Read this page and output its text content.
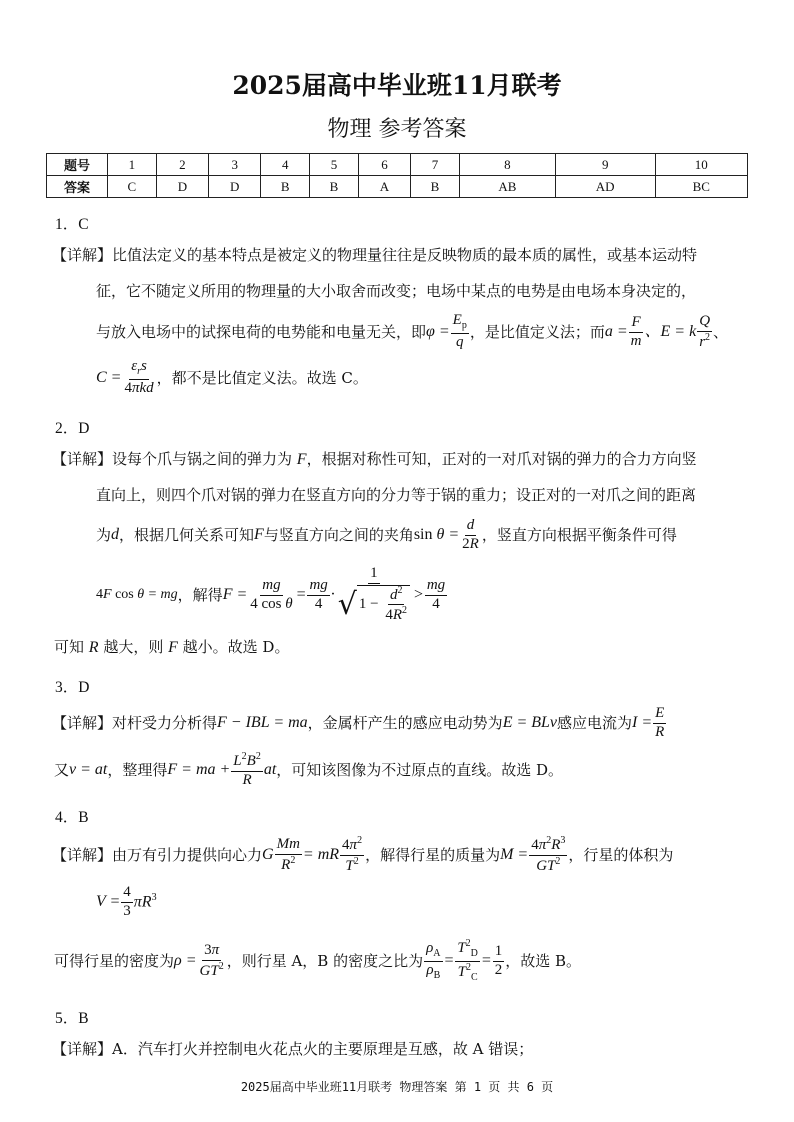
2025届高中毕业班11月联考
物理 参考答案
题号	1	2	3	4	5	6	7	8	9	10
答案	C	D	D	B	B	A	B	AB	AD	BC
1．C
【详解】比值法定义的基本特点是被定义的物理量往往是反映物质的最本质的属性，或基本运动特
征，它不随定义所用的物理量的大小取舍而改变；电场中某点的电势是由电场本身决定的，
与放入电场中的试探电荷的电势能和电量无关，即 $\varphi = \frac{E_p}{q}$ ，是比值定义法；而 $a = \frac{F}{m}$ 、E = k $\frac{Q}{r^2}$ 、
$C = \frac{\varepsilon_rs}{\text{4πkd}}$ ，都不是比值定义法。故选 C。
2．D
【详解】设每个爪与锅之间的弹力为 F，根据对称性可知，正对的一对爪对锅的弹力的合力方向竖
直向上，则四个爪对锅的弹力在竖直方向的分力等于锅的重力；设正对的一对爪之间的距离
为 d ，根据几何关系可知 F 与竖直方向之间的夹角 $\sin \theta = \frac{d}{2R}$ ，竖直方向根据平衡条件可得
4F cos θ = mg ，解得 $F = \frac{mg}{\text{4 cos θ}} = \frac{mg}{4} \cdot 1$
√ 1 −
$\frac{d^2}{4R^2} > \frac{mg}{4}$
可知 R 越大，则 F 越小。故选 D。
3．D
【详解】 对杆受力分析得 F − IBL = ma ，金属杆产生的感应电动势为 E = BLv 感应电流为 $I = \frac{E}{R}$
又 v = at ，整理得 F = ma + $\frac{L^2B^2}{R}$ at ，可知该图像为不过原点的直线。故选 D。
4．B
【详解】 由万有引力提供向心力 G $\frac{Mm}{R^2}$ = mR $\frac{4\pi^2}{T^2}$ ，解得行星的质量为 $M = \frac{4\pi^2R^3}{GT^2}$ ，行星的体积为
$V = \frac{4}{3} \pi R^3$
可得行星的密度为 $\rho = \frac{3\pi}{GT^2}$ ，则行星 A，B 的密度之比为 $\frac{\rho_A}{\rho_B} = \frac{T^2_D}{T^2_C} = \frac{1}{2}$ ，故选 B。
5．B
【详解】A．汽车打火并控制电火花点火的主要原理是互感，故 A 错误；
2025届高中毕业班11月联考 物理答案 第 1 页 共 6 页
